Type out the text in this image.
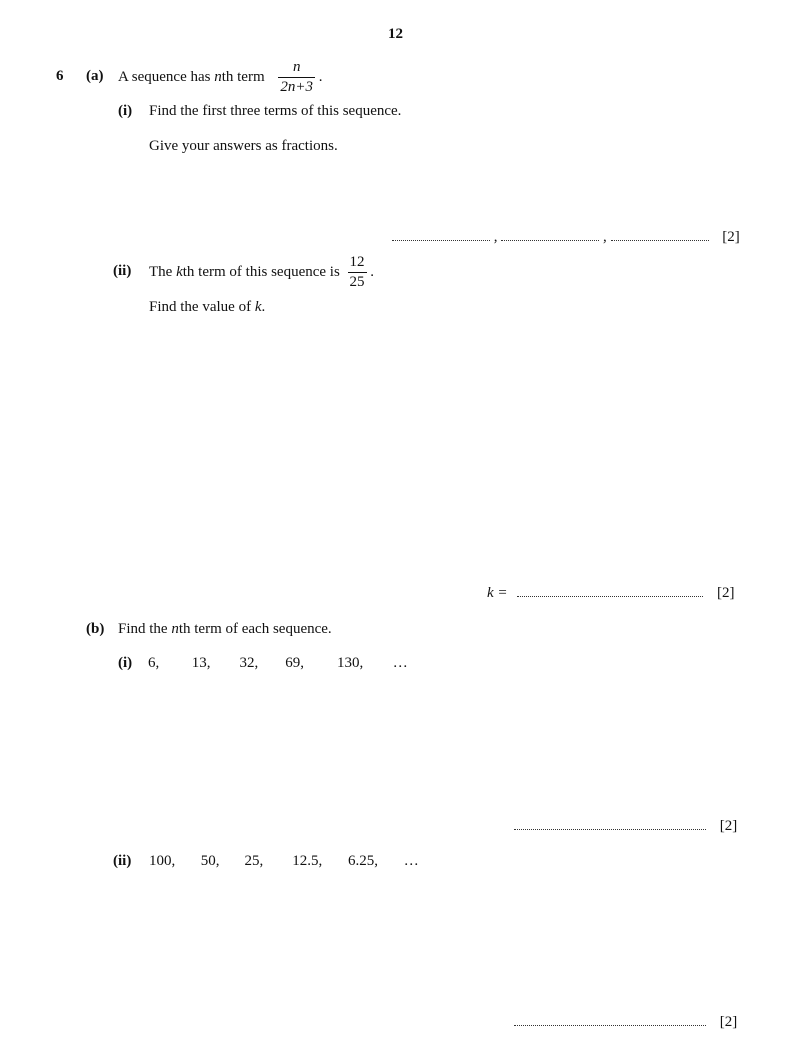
12
6 (a) A sequence has nth term $\frac{n}{2n+3}$ .
(i) Find the first three terms of this sequence.
Give your answers as fractions.
,	,	[2]
(ii) The kth term of this sequence is $\frac{12}{25}$ .
Find the value of k.
k =	[2]
(b) Find the nth term of each sequence.
(i) 6, 13, 32, 69, 130, …
[2]
(ii) 100, 50, 25, 12.5, 6.25, …
[2]
